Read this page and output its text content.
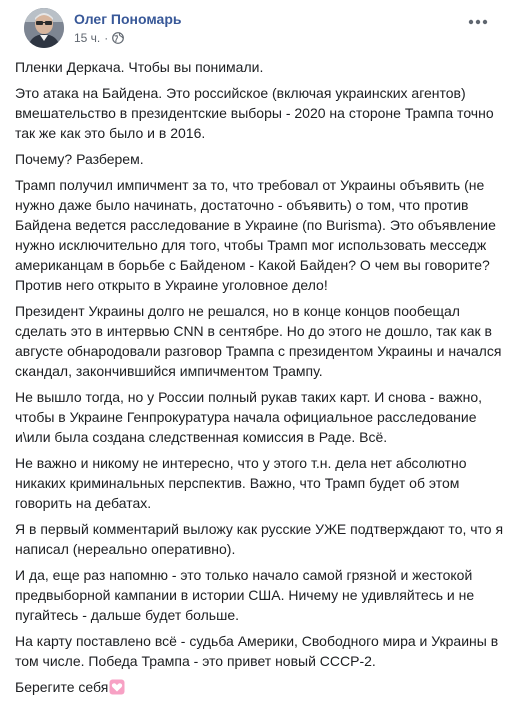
Олег Пономарь
15 ч. ·

Пленки Деркача. Чтобы вы понимали.

Это атака на Байдена. Это российское (включая украинских агентов) вмешательство в президентские выборы - 2020 на стороне Трампа точно так же как это было и в 2016.

Почему? Разберем.

Трамп получил импичмент за то, что требовал от Украины объявить (не нужно даже было начинать, достаточно - объявить) о том, что против Байдена ведется расследование в Украине (по Burisma). Это объявление нужно исключительно для того, чтобы Трамп мог использовать месседж американцам в борьбе с Байденом - Какой Байден? О чем вы говорите? Против него открыто в Украине уголовное дело!

Президент Украины долго не решался, но в конце концов пообещал сделать это в интервью CNN в сентябре. Но до этого не дошло, так как в августе обнародовали разговор Трампа с президентом Украины и начался скандал, закончившийся импичментом Трампу.

Не вышло тогда, но у России полный рукав таких карт. И снова - важно, чтобы в Украине Генпрокуратура начала официальное расследование и\или была создана следственная комиссия в Раде. Всё.

Не важно и никому не интересно, что у этого т.н. дела нет абсолютно никаких криминальных перспектив. Важно, что Трамп будет об этом говорить на дебатах.

Я в первый комментарий выложу как русские УЖЕ подтверждают то, что я написал (нереально оперативно).

И да, еще раз напомню - это только начало самой грязной и жестокой предвыборной кампании в истории США. Ничему не удивляйтесь и не пугайтесь - дальше будет больше.

На карту поставлено всё - судьба Америки, Свободного мира и Украины в том числе. Победа Трампа - это привет новый СССР-2.

Берегите себя
